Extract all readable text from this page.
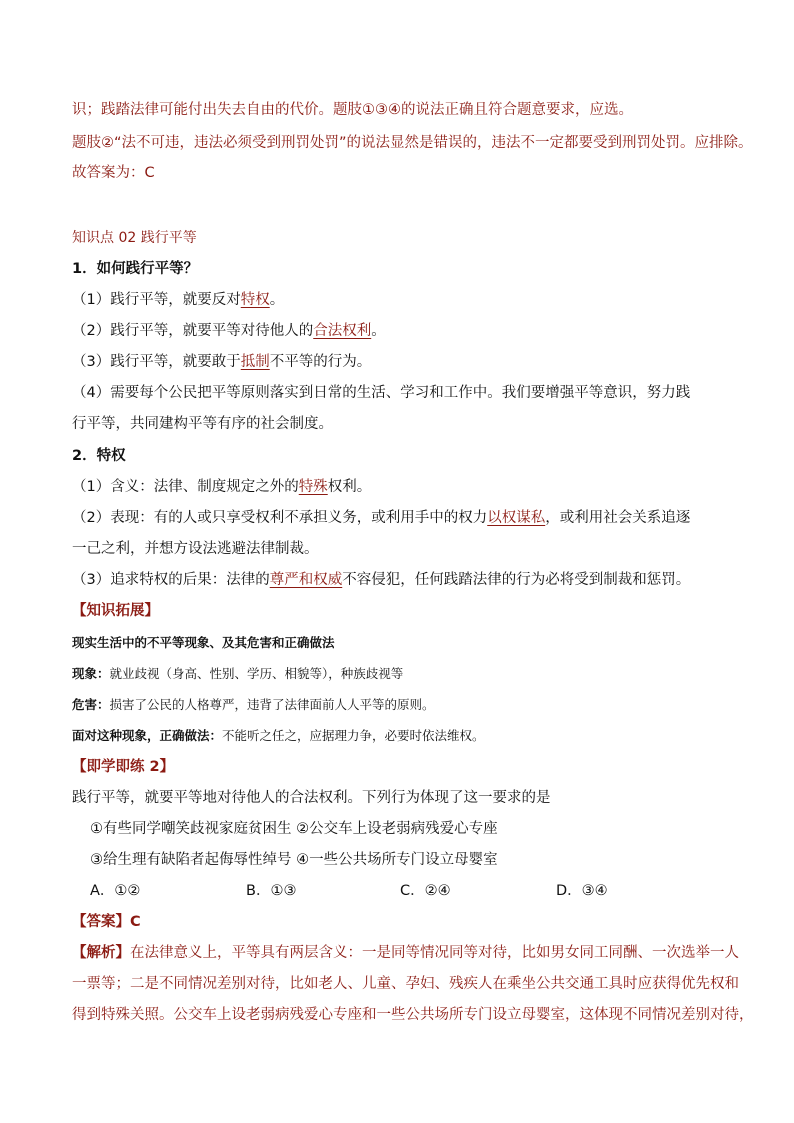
识；践踏法律可能付出失去自由的代价。题肢①③④的说法正确且符合题意要求，应选。
题肢②“法不可违，违法必须受到刑罚处罚”的说法显然是错误的，违法不一定都要受到刑罚处罚。应排除。
故答案为：C
知识点 02 践行平等
1．如何践行平等？
（1）践行平等，就要反对特权。
（2）践行平等，就要平等对待他人的合法权利。
（3）践行平等，就要敢于抵制不平等的行为。
（4）需要每个公民把平等原则落实到日常的生活、学习和工作中。我们要增强平等意识，努力践
行平等，共同建构平等有序的社会制度。
2．特权
（1）含义：法律、制度规定之外的特殊权利。
（2）表现：有的人或只享受权利不承担义务，或利用手中的权力以权谋私，或利用社会关系追逐
一己之利，并想方设法逃避法律制裁。
（3）追求特权的后果：法律的尊严和权威不容侵犯，任何践踏法律的行为必将受到制裁和惩罚。
【知识拓展】
现实生活中的不平等现象、及其危害和正确做法
现象：就业歧视（身高、性别、学历、相貌等），种族歧视等
危害：损害了公民的人格尊严，违背了法律面前人人平等的原则。
面对这种现象，正确做法：不能听之任之，应据理力争，必要时依法维权。
【即学即练 2】
践行平等，就要平等地对待他人的合法权利。下列行为体现了这一要求的是
①有些同学嘲笑歧视家庭贫困生 ②公交车上设老弱病残爱心专座
③给生理有缺陷者起侮辱性绰号 ④一些公共场所专门设立母婴室
A．①②	B．①③	C．②④	D．③④
【答案】C
【解析】在法律意义上，平等具有两层含义：一是同等情况同等对待，比如男女同工同酬、一次选举一人
一票等；二是不同情况差别对待，比如老人、儿童、孕妇、残疾人在乘坐公共交通工具时应获得优先权和
得到特殊关照。公交车上设老弱病残爱心专座和一些公共场所专门设立母婴室，这体现不同情况差别对待，
